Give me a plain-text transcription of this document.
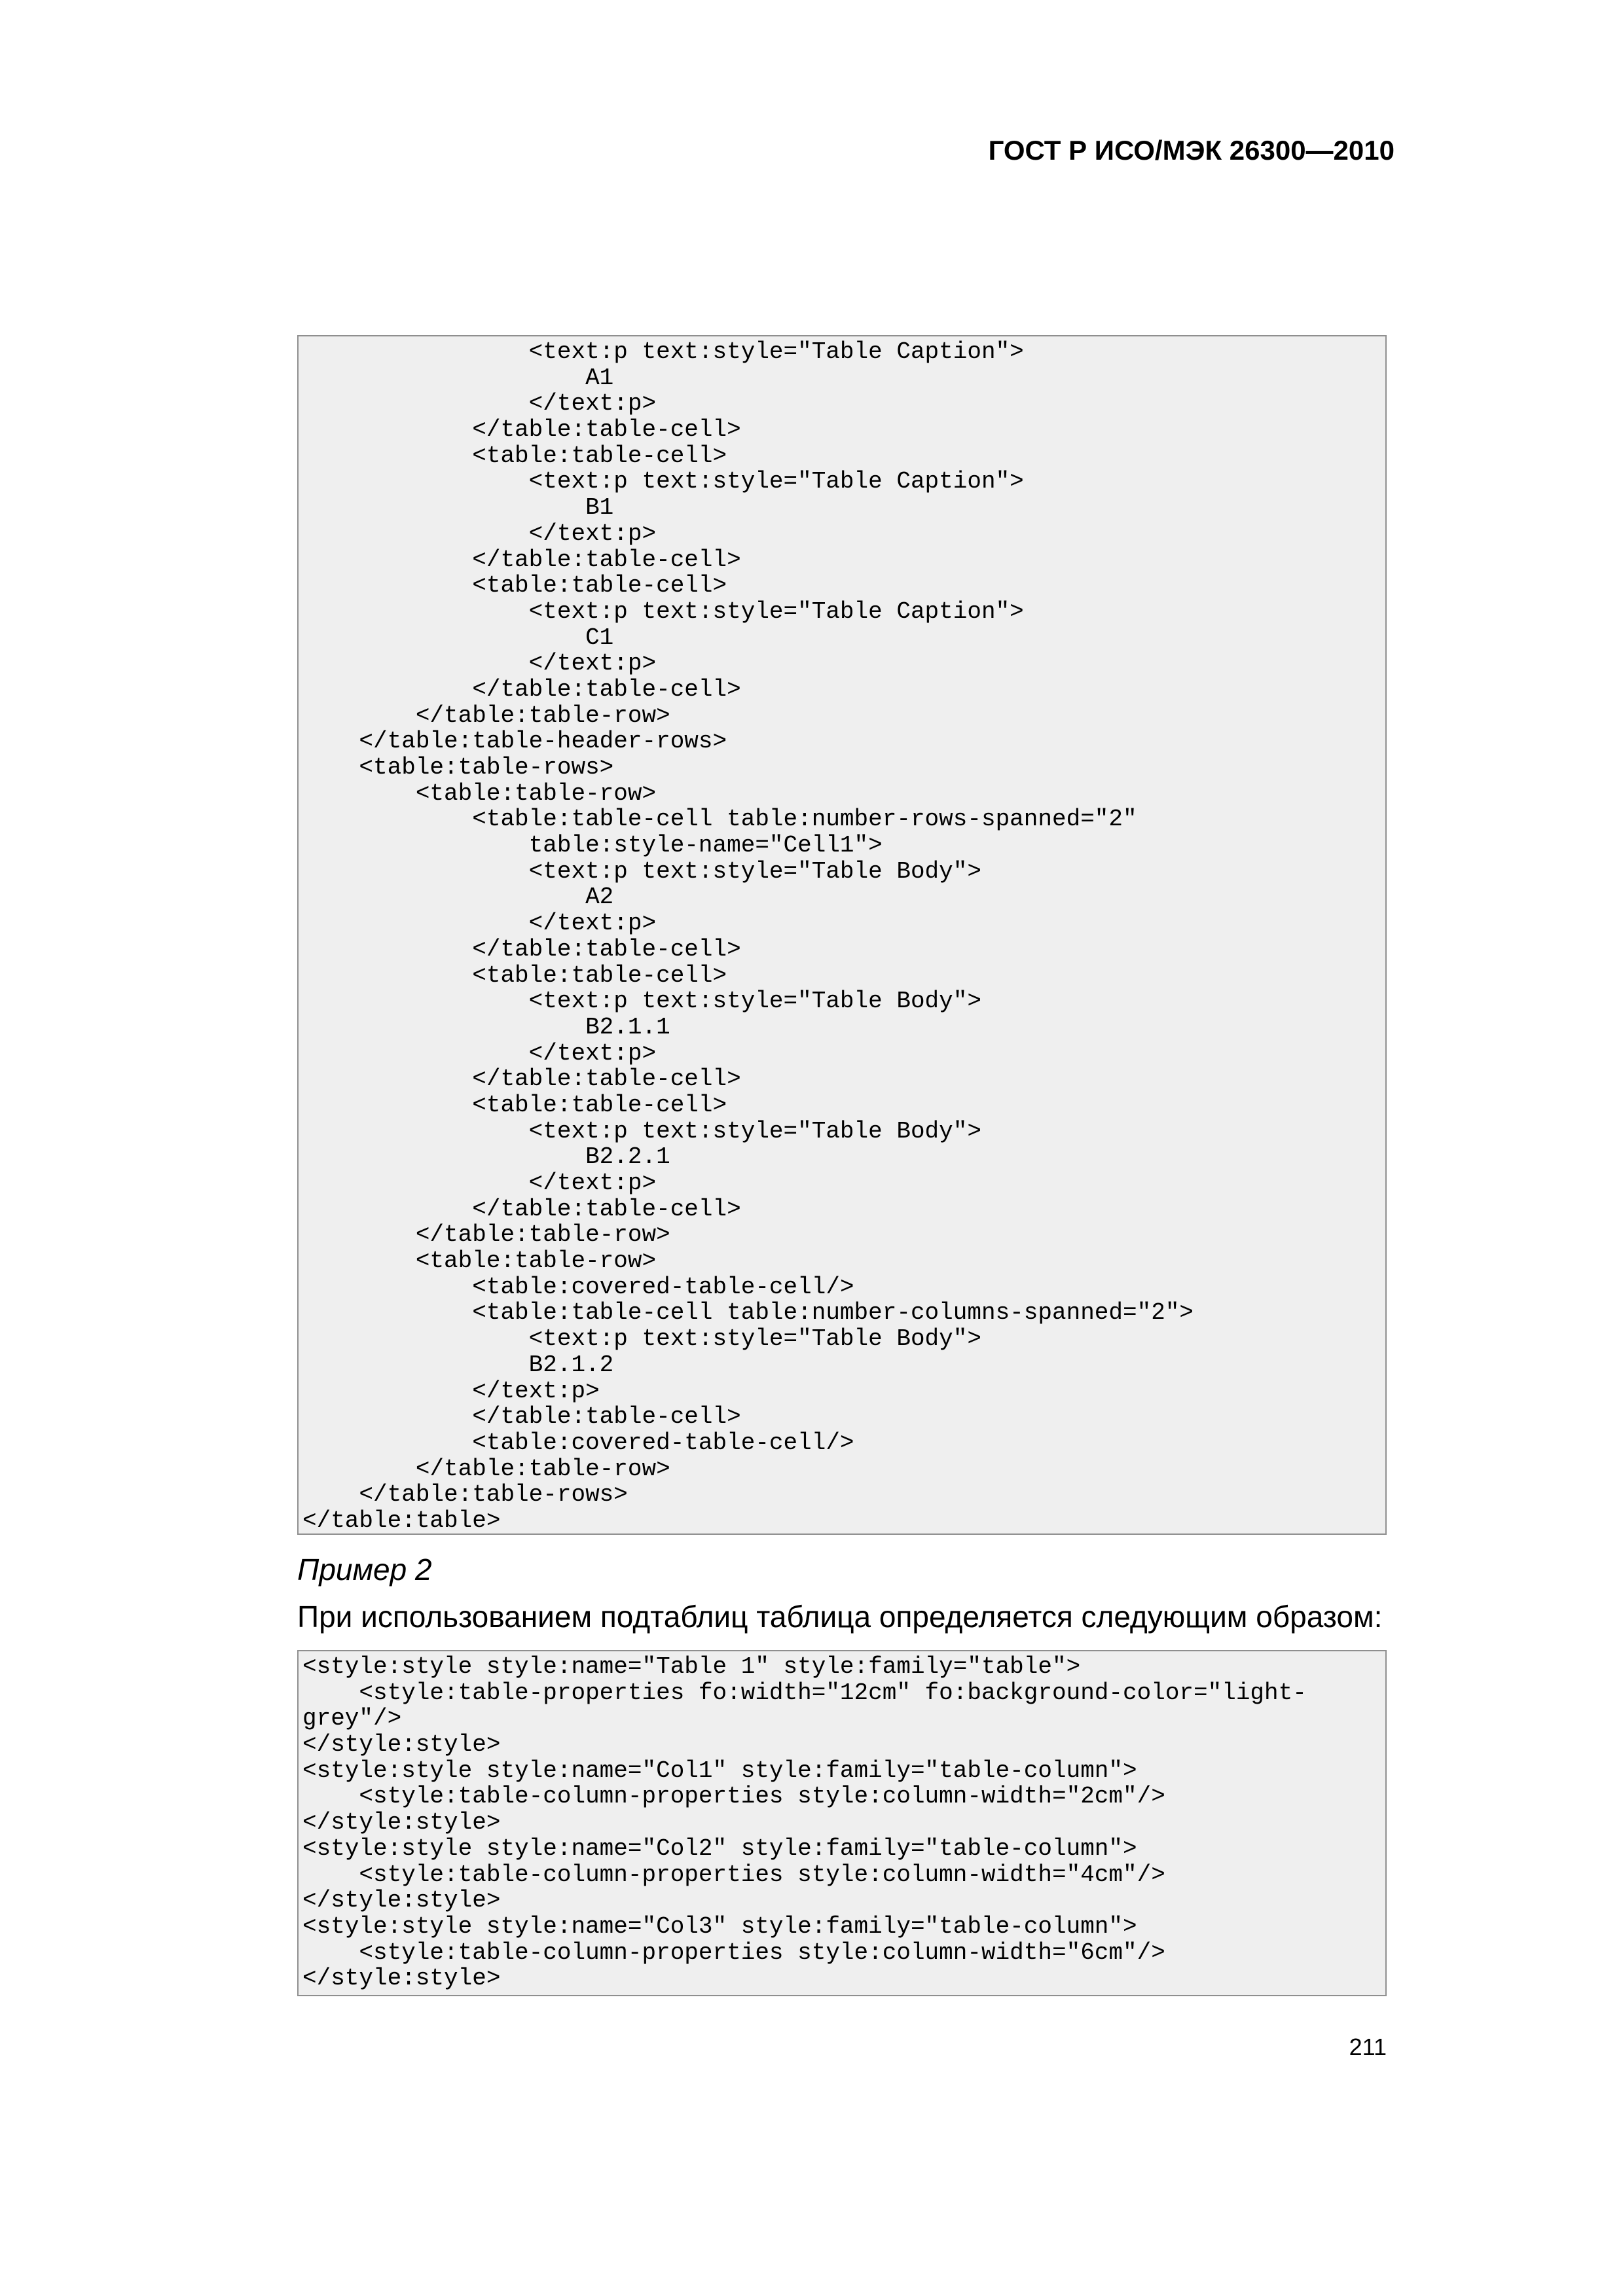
ГОСТ Р ИСО/МЭК 26300—2010
<text:p text:style="Table Caption">
A1
</text:p>
</table:table-cell>
<table:table-cell>
<text:p text:style="Table Caption">
B1
</text:p>
</table:table-cell>
<table:table-cell>
<text:p text:style="Table Caption">
C1
</text:p>
</table:table-cell>
</table:table-row>
</table:table-header-rows>
<table:table-rows>
<table:table-row>
<table:table-cell table:number-rows-spanned="2"
table:style-name="Cell1">
<text:p text:style="Table Body">
A2
</text:p>
</table:table-cell>
<table:table-cell>
<text:p text:style="Table Body">
B2.1.1
</text:p>
</table:table-cell>
<table:table-cell>
<text:p text:style="Table Body">
B2.2.1
</text:p>
</table:table-cell>
</table:table-row>
<table:table-row>
<table:covered-table-cell/>
<table:table-cell table:number-columns-spanned="2">
<text:p text:style="Table Body">
B2.1.2
</text:p>
</table:table-cell>
<table:covered-table-cell/>
</table:table-row>
</table:table-rows>
</table:table>
Пример 2
При использованием подтаблиц таблица определяется следующим образом:
<style:style style:name="Table 1" style:family="table">
<style:table-properties fo:width="12cm" fo:background-color="light-
grey"/>
</style:style>
<style:style style:name="Col1" style:family="table-column">
<style:table-column-properties style:column-width="2cm"/>
</style:style>
<style:style style:name="Col2" style:family="table-column">
<style:table-column-properties style:column-width="4cm"/>
</style:style>
<style:style style:name="Col3" style:family="table-column">
<style:table-column-properties style:column-width="6cm"/>
</style:style>
211
